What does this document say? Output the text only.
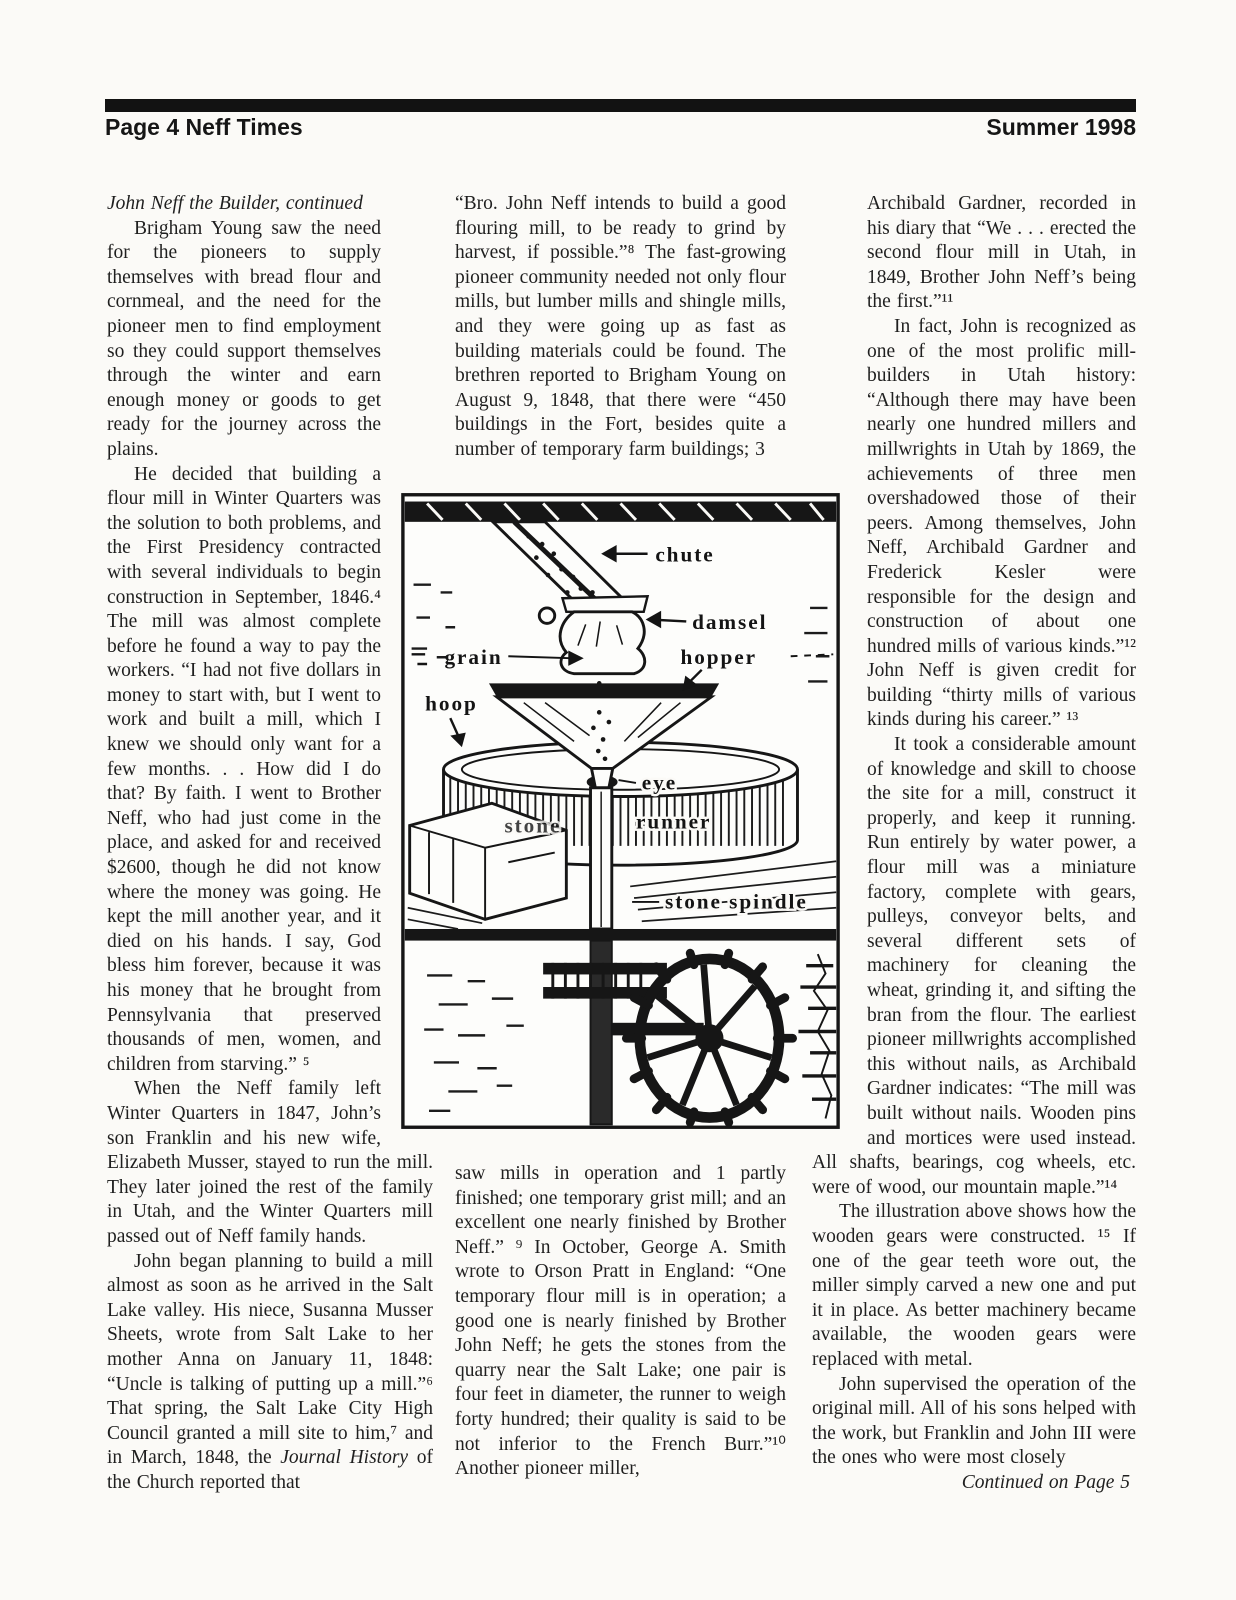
Page 4 Neff Times	Summer 1998

John Neff the Builder, continued

Brigham Young saw the need for the pioneers to supply themselves with bread flour and cornmeal, and the need for the pioneer men to find employment so they could support themselves through the winter and earn enough money or goods to get ready for the journey across the plains.

He decided that building a flour mill in Winter Quarters was the solution to both problems, and the First Presidency contracted with several individuals to begin construction in September, 1846.⁴ The mill was almost complete before he found a way to pay the workers. “I had not five dollars in money to start with, but I went to work and built a mill, which I knew we should only want for a few months. . . How did I do that? By faith. I went to Brother Neff, who had just come in the place, and asked for and received $2600, though he did not know where the money was going. He kept the mill another year, and it died on his hands. I say, God bless him forever, because it was his money that he brought from Pennsylvania that preserved thousands of men, women, and children from starving.” ⁵

When the Neff family left Winter Quarters in 1847, John’s son Franklin and his new wife, Elizabeth Musser, stayed to run the mill. They later joined the rest of the family in Utah, and the Winter Quarters mill passed out of Neff family hands.

John began planning to build a mill almost as soon as he arrived in the Salt Lake valley. His niece, Susanna Musser Sheets, wrote from Salt Lake to her mother Anna on January 11, 1848: “Uncle is talking of putting up a mill.”⁶ That spring, the Salt Lake City High Council granted a mill site to him,⁷ and in March, 1848, the Journal History of the Church reported that

“Bro. John Neff intends to build a good flouring mill, to be ready to grind by harvest, if possible.”⁸ The fast-growing pioneer community needed not only flour mills, but lumber mills and shingle mills, and they were going up as fast as building materials could be found. The brethren reported to Brigham Young on August 9, 1848, that there were “450 buildings in the Fort, besides quite a number of temporary farm buildings; 3

saw mills in operation and 1 partly finished; one temporary grist mill; and an excellent one nearly finished by Brother Neff.” ⁹ In October, George A. Smith wrote to Orson Pratt in England: “One temporary flour mill is in operation; a good one is nearly finished by Brother John Neff; he gets the stones from the quarry near the Salt Lake; one pair is four feet in diameter, the runner to weigh forty hundred; their quality is said to be not inferior to the French Burr.”¹⁰ Another pioneer miller,

Archibald Gardner, recorded in his diary that “We . . . erected the second flour mill in Utah, in 1849, Brother John Neff’s being the first.”¹¹

In fact, John is recognized as one of the most prolific mill-builders in Utah history: “Although there may have been nearly one hundred millers and millwrights in Utah by 1869, the achievements of three men overshadowed those of their peers. Among themselves, John Neff, Archibald Gardner and Frederick Kesler were responsible for the design and construction of about one hundred mills of various kinds.”¹² John Neff is given credit for building “thirty mills of various kinds during his career.” ¹³

It took a considerable amount of knowledge and skill to choose the site for a mill, construct it properly, and keep it running. Run entirely by water power, a flour mill was a miniature factory, complete with gears, pulleys, conveyor belts, and several different sets of machinery for cleaning the wheat, grinding it, and sifting the bran from the flour. The earliest pioneer millwrights accomplished this without nails, as Archibald Gardner indicates: “The mill was built without nails. Wooden pins and mortices were used instead. All shafts, bearings, cog wheels, etc. were of wood, our mountain maple.”¹⁴

The illustration above shows how the wooden gears were constructed. ¹⁵ If one of the gear teeth wore out, the miller simply carved a new one and put it in place. As better machinery became available, the wooden gears were replaced with metal.

John supervised the operation of the original mill. All of his sons helped with the work, but Franklin and John III were the ones who were most closely

Continued on Page 5

chute
damsel
grain	hopper
hoop
eye
runner
stone
stone spindle
